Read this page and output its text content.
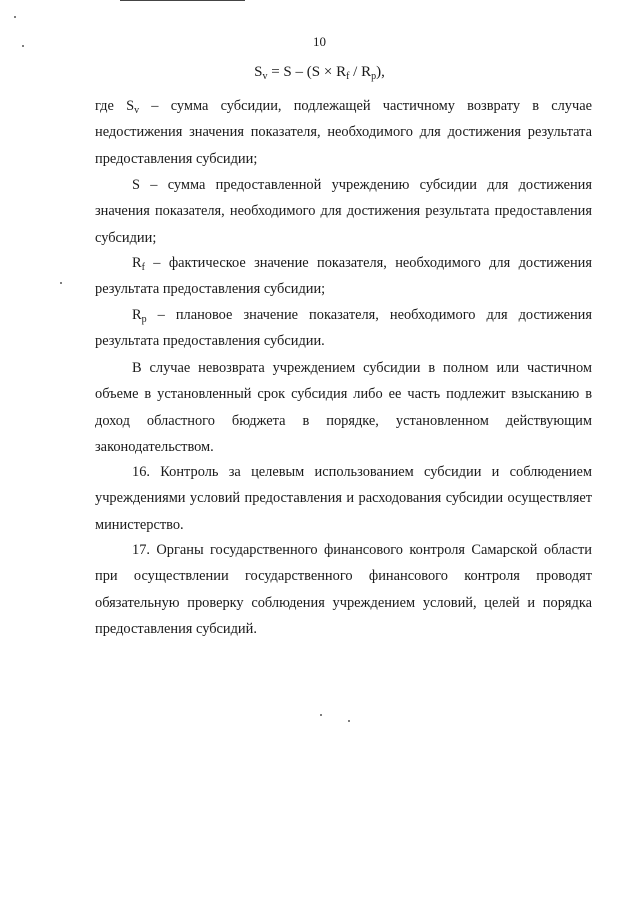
10
$S_v = S - (S \times R_f / R_p)$,
где $S_v$ – сумма субсидии, подлежащей частичному возврату в случае недостижения значения показателя, необходимого для достижения результата предоставления субсидии;
S – сумма предоставленной учреждению субсидии для достижения значения показателя, необходимого для достижения результата предоставления субсидии;
$R_f$ – фактическое значение показателя, необходимого для достижения результата предоставления субсидии;
$R_p$ – плановое значение показателя, необходимого для достижения результата предоставления субсидии.
В случае невозврата учреждением субсидии в полном или частичном объеме в установленный срок субсидия либо ее часть подлежит взысканию в доход областного бюджета в порядке, установленном действующим законодательством.
16. Контроль за целевым использованием субсидии и соблюдением учреждениями условий предоставления и расходования субсидии осуществляет министерство.
17. Органы государственного финансового контроля Самарской области при осуществлении государственного финансового контроля проводят обязательную проверку соблюдения учреждением условий, целей и порядка предоставления субсидий.
